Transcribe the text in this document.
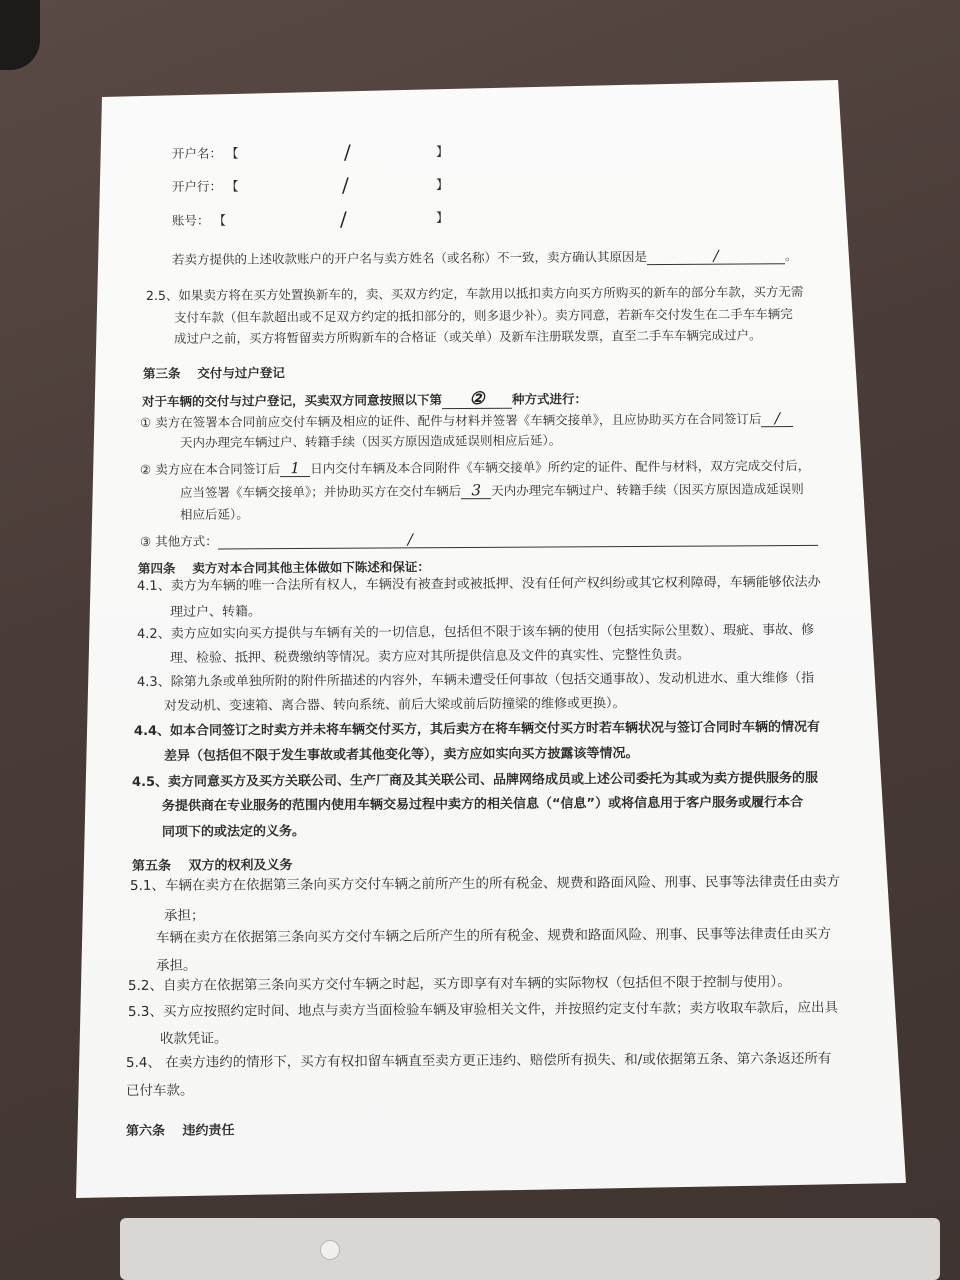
开户名： 【	/	】
开户行： 【	/	】
账号： 【	/	】
若卖方提供的上述收款账户的开户名与卖方姓名（或名称）不一致，卖方确认其原因是	/	。
2.5、如果卖方将在买方处置换新车的，卖、买双方约定，车款用以抵扣卖方向买方所购买的新车的部分车款，买方无需
支付车款（但车款超出或不足双方约定的抵扣部分的，则多退少补）。卖方同意，若新车交付发生在二手车车辆完
成过户之前，买方将暂留卖方所购新车的合格证（或关单）及新车注册联发票，直至二手车车辆完成过户。
第三条　 交付与过户登记
对于车辆的交付与过户登记，买卖双方同意按照以下第 ② 种方式进行：
① 卖方在签署本合同前应交付车辆及相应的证件、配件与材料并签署《车辆交接单》，且应协助买方在合同签订后 /
天内办理完车辆过户、转籍手续（因买方原因造成延误则相应后延）。
② 卖方应在本合同签订后 1 日内交付车辆及本合同附件《车辆交接单》所约定的证件、配件与材料，双方完成交付后，
应当签署《车辆交接单》；并协助买方在交付车辆后 3 天内办理完车辆过户、转籍手续（因买方原因造成延误则
相应后延）。
③ 其他方式：	/
第四条　 卖方对本合同其他主体做如下陈述和保证：
4.1、卖方为车辆的唯一合法所有权人，车辆没有被查封或被抵押、没有任何产权纠纷或其它权利障碍，车辆能够依法办
理过户、转籍。
4.2、卖方应如实向买方提供与车辆有关的一切信息，包括但不限于该车辆的使用（包括实际公里数）、瑕疵、事故、修
理、检验、抵押、税费缴纳等情况。卖方应对其所提供信息及文件的真实性、完整性负责。
4.3、除第九条或单独所附的附件所描述的内容外，车辆未遭受任何事故（包括交通事故）、发动机进水、重大维修（指
对发动机、变速箱、离合器、转向系统、前后大梁或前后防撞梁的维修或更换）。
4.4、如本合同签订之时卖方并未将车辆交付买方，其后卖方在将车辆交付买方时若车辆状况与签订合同时车辆的情况有
差异（包括但不限于发生事故或者其他变化等），卖方应如实向买方披露该等情况。
4.5、卖方同意买方及买方关联公司、生产厂商及其关联公司、品牌网络成员或上述公司委托为其或为卖方提供服务的服
务提供商在专业服务的范围内使用车辆交易过程中卖方的相关信息（“信息”）或将信息用于客户服务或履行本合
同项下的或法定的义务。
第五条　 双方的权利及义务
5.1、车辆在卖方在依据第三条向买方交付车辆之前所产生的所有税金、规费和路面风险、刑事、民事等法律责任由卖方
承担；
车辆在卖方在依据第三条向买方交付车辆之后所产生的所有税金、规费和路面风险、刑事、民事等法律责任由买方
承担。
5.2、自卖方在依据第三条向买方交付车辆之时起，买方即享有对车辆的实际物权（包括但不限于控制与使用）。
5.3、买方应按照约定时间、地点与卖方当面检验车辆及审验相关文件，并按照约定支付车款；卖方收取车款后，应出具
收款凭证。
5.4、 在卖方违约的情形下，买方有权扣留车辆直至卖方更正违约、赔偿所有损失、和/或依据第五条、第六条返还所有
已付车款。
第六条　 违约责任
